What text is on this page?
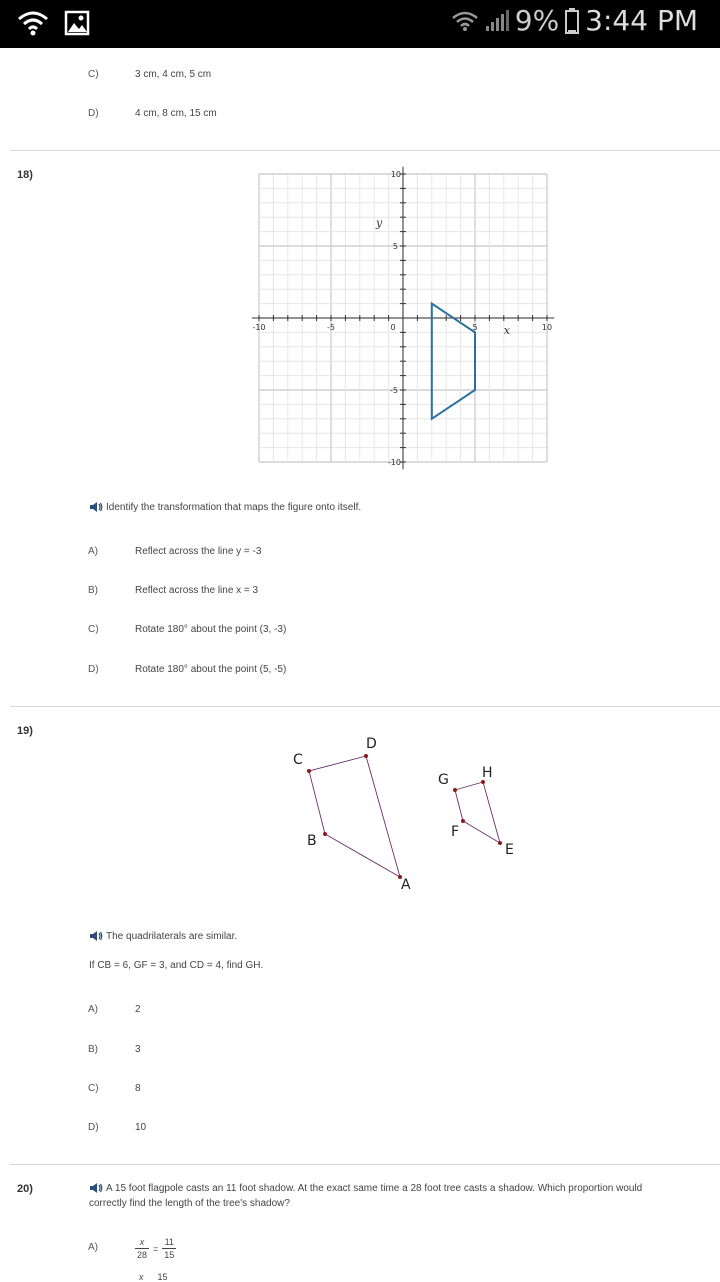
9% 3:44 PM
C)	3 cm, 4 cm, 5 cm
D)	4 cm, 8 cm, 15 cm
18)
-10	-5	0	5	10
10
5
-5
-10
x
y
Identify the transformation that maps the figure onto itself.
A)	Reflect across the line y = -3
B)	Reflect across the line x = 3
C)	Rotate 180° about the point (3, -3)
D)	Rotate 180° about the point (5, -5)
19)
A
B
C
D
E
F
G H
The quadrilaterals are similar.
If CB = 6, GF = 3, and CD = 4, find GH.
A)	2
B)	3
C)	8
D)	10
20)	A 15 foot flagpole casts an 11 foot shadow. At the exact same time a 28 foot tree casts a shadow. Which proportion would
correctly find the length of the tree's shadow?
A)	$\frac{x}{28} = \frac{11}{15}$
x 15
